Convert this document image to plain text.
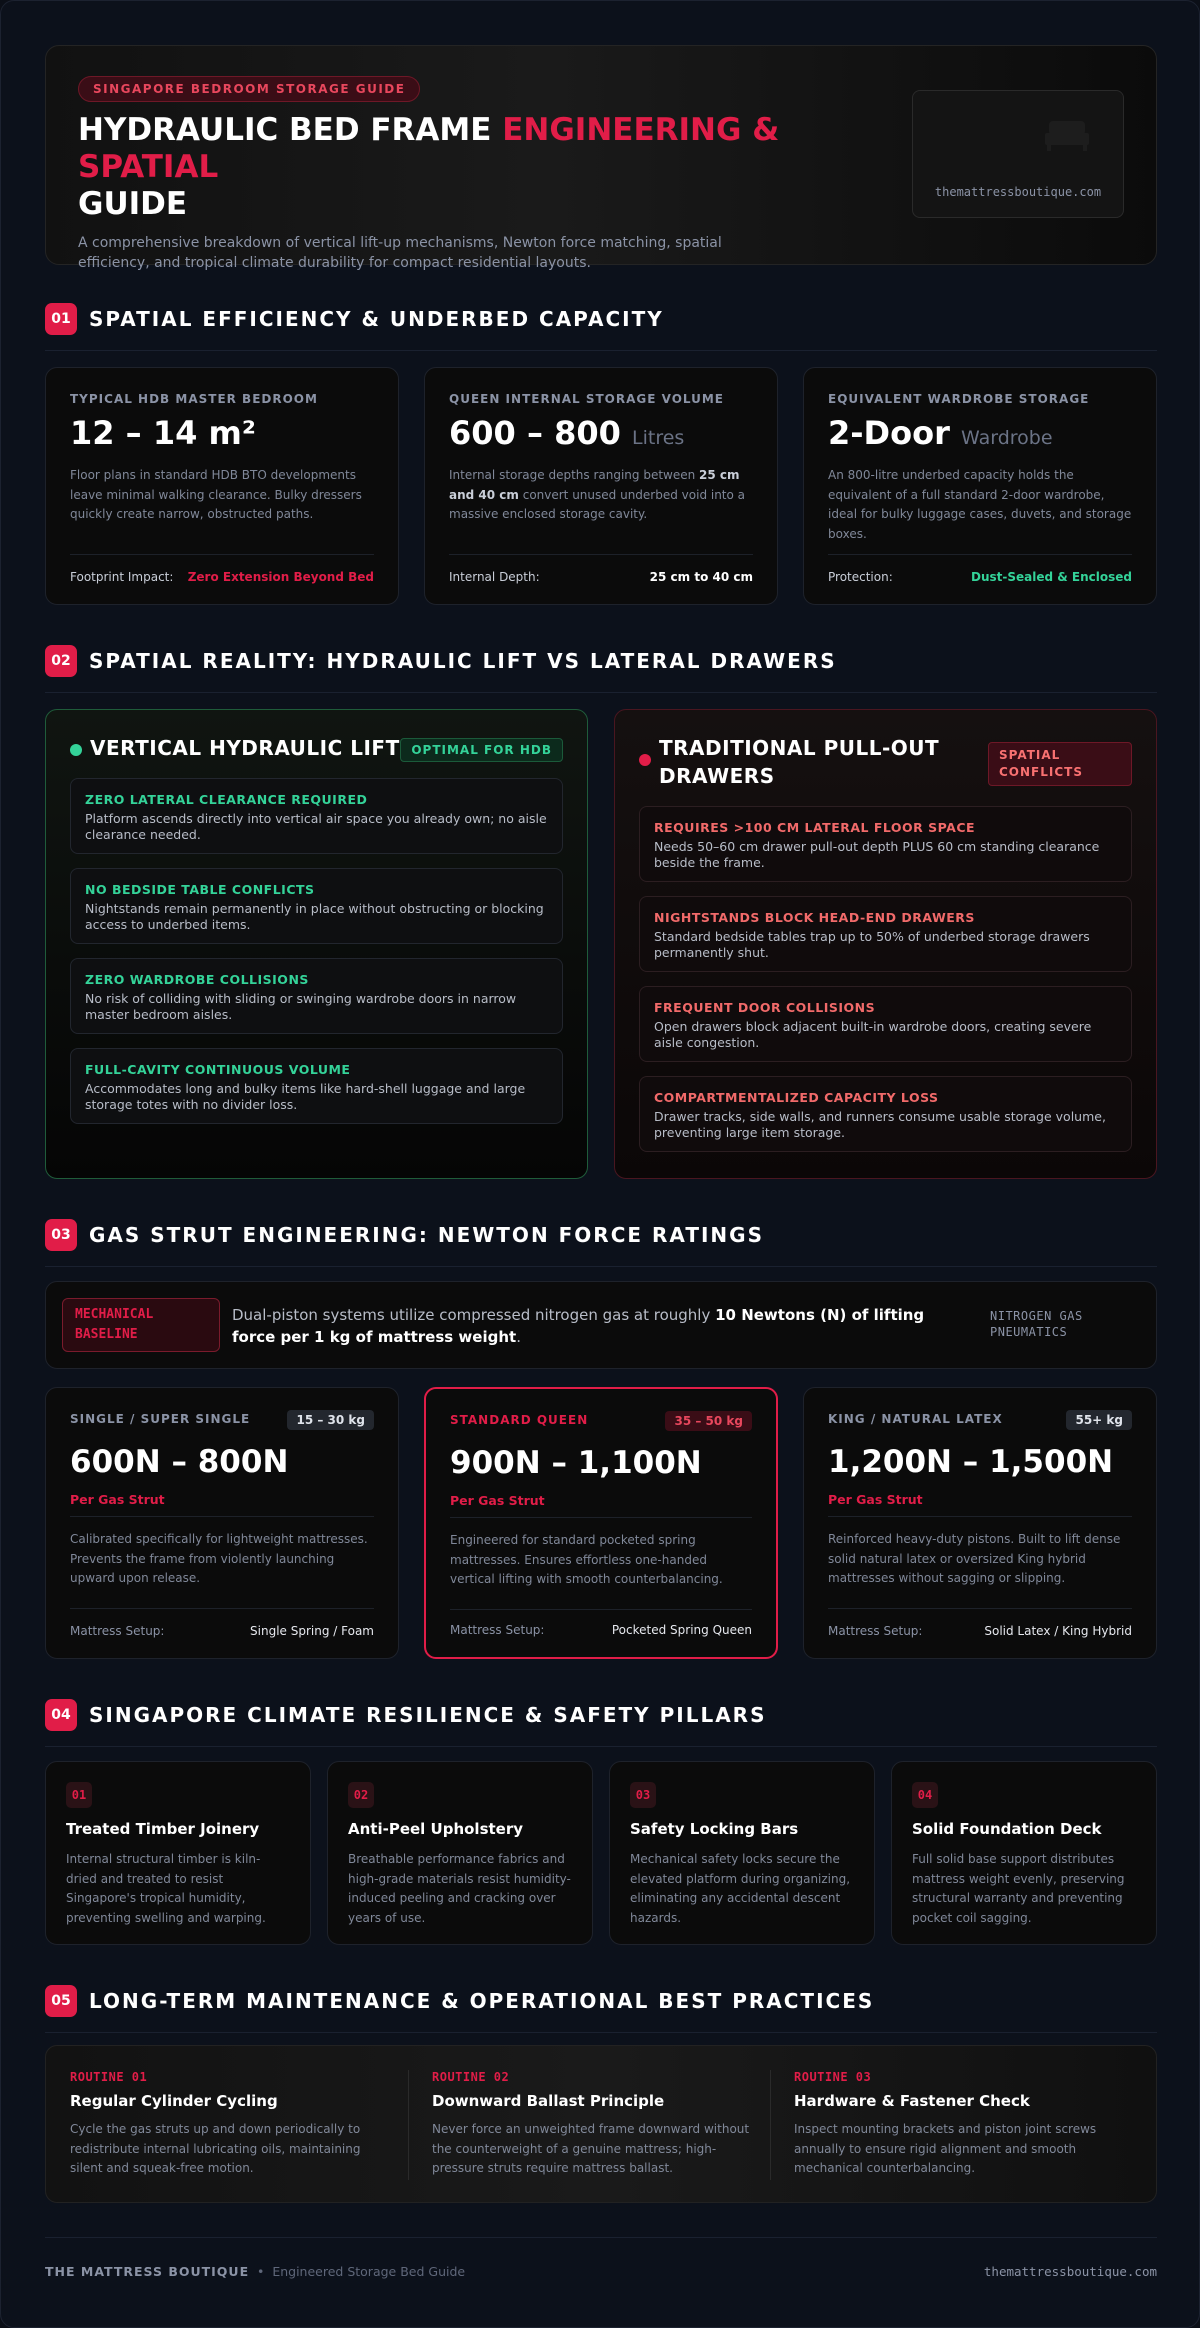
SINGAPORE BEDROOM STORAGE GUIDE
HYDRAULIC BED FRAME ENGINEERING & SPATIAL
GUIDE

A comprehensive breakdown of vertical lift-up mechanisms, Newton force matching, spatial efficiency, and tropical climate durability for compact residential layouts.

themattressboutique.com
01 SPATIAL EFFICIENCY & UNDERBED CAPACITY
TYPICAL HDB MASTER BEDROOM
12 – 14 m²
Floor plans in standard HDB BTO developments leave minimal walking clearance. Bulky dressers quickly create narrow, obstructed paths.
Footprint Impact: Zero Extension Beyond Bed
QUEEN INTERNAL STORAGE VOLUME
600 – 800 Litres
Internal storage depths ranging between 25 cm and 40 cm convert unused underbed void into a massive enclosed storage cavity.
Internal Depth:	25 cm to 40 cm
EQUIVALENT WARDROBE STORAGE
2-Door Wardrobe
An 800-litre underbed capacity holds the equivalent of a full standard 2-door wardrobe, ideal for bulky luggage cases, duvets, and storage boxes.
Protection:	Dust-Sealed & Enclosed
02 SPATIAL REALITY: HYDRAULIC LIFT VS LATERAL DRAWERS
VERTICAL HYDRAULIC LIFT OPTIMAL FOR HDB
ZERO LATERAL CLEARANCE REQUIRED
Platform ascends directly into vertical air space you already own; no aisle clearance needed.
NO BEDSIDE TABLE CONFLICTS
Nightstands remain permanently in place without obstructing or blocking access to underbed items.
ZERO WARDROBE COLLISIONS
No risk of colliding with sliding or swinging wardrobe doors in narrow master bedroom aisles.
FULL-CAVITY CONTINUOUS VOLUME
Accommodates long and bulky items like hard-shell luggage and large storage totes with no divider loss.
TRADITIONAL PULL-OUT
DRAWERS
SPATIAL
CONFLICTS
REQUIRES >100 CM LATERAL FLOOR SPACE
Needs 50–60 cm drawer pull-out depth PLUS 60 cm standing clearance beside the frame.
NIGHTSTANDS BLOCK HEAD-END DRAWERS
Standard bedside tables trap up to 50% of underbed storage drawers permanently shut.
FREQUENT DOOR COLLISIONS
Open drawers block adjacent built-in wardrobe doors, creating severe aisle congestion.
COMPARTMENTALIZED CAPACITY LOSS
Drawer tracks, side walls, and runners consume usable storage volume, preventing large item storage.
03 GAS STRUT ENGINEERING: NEWTON FORCE RATINGS
MECHANICAL
BASELINE
Dual-piston systems utilize compressed nitrogen gas at roughly 10 Newtons (N) of lifting force per 1 kg of mattress weight.
NITROGEN GAS
PNEUMATICS
SINGLE / SUPER SINGLE	15 – 30 kg
600N – 800N
Per Gas Strut
Calibrated specifically for lightweight mattresses. Prevents the frame from violently launching upward upon release.
Mattress Setup:	Single Spring / Foam
STANDARD QUEEN	35 – 50 kg
900N – 1,100N
Per Gas Strut
Engineered for standard pocketed spring mattresses. Ensures effortless one-handed vertical lifting with smooth counterbalancing.
Mattress Setup:	Pocketed Spring Queen
KING / NATURAL LATEX	55+ kg
1,200N – 1,500N
Per Gas Strut
Reinforced heavy-duty pistons. Built to lift dense solid natural latex or oversized King hybrid mattresses without sagging or slipping.
Mattress Setup:	Solid Latex / King Hybrid
04 SINGAPORE CLIMATE RESILIENCE & SAFETY PILLARS
01
Treated Timber Joinery
Internal structural timber is kiln-dried and treated to resist Singapore's tropical humidity, preventing swelling and warping.
02
Anti-Peel Upholstery
Breathable performance fabrics and high-grade materials resist humidity-induced peeling and cracking over years of use.
03
Safety Locking Bars
Mechanical safety locks secure the elevated platform during organizing, eliminating any accidental descent hazards.
04
Solid Foundation Deck
Full solid base support distributes mattress weight evenly, preserving structural warranty and preventing pocket coil sagging.
05 LONG-TERM MAINTENANCE & OPERATIONAL BEST PRACTICES
ROUTINE 01
Regular Cylinder Cycling
Cycle the gas struts up and down periodically to redistribute internal lubricating oils, maintaining silent and squeak-free motion.
ROUTINE 02
Downward Ballast Principle
Never force an unweighted frame downward without the counterweight of a genuine mattress; high-pressure struts require mattress ballast.
ROUTINE 03
Hardware & Fastener Check
Inspect mounting brackets and piston joint screws annually to ensure rigid alignment and smooth mechanical counterbalancing.
THE MATTRESS BOUTIQUE • Engineered Storage Bed Guide	themattressboutique.com
